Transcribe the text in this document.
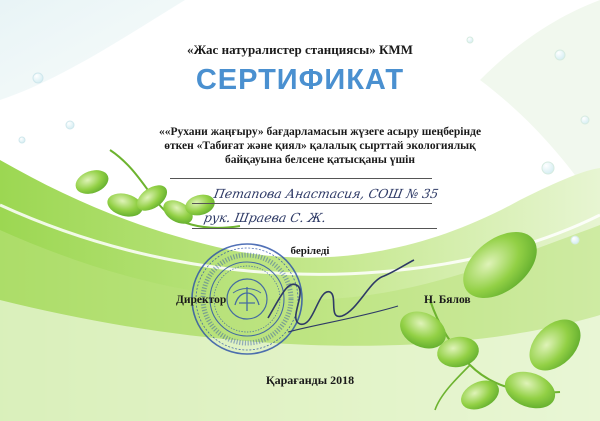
«Жас натуралистер станциясы» КММ
СЕРТИФИКАТ
««Рухани жаңғыру» бағдарламасын жүзеге асыру шеңберінде
өткен «Табиғат және қиял» қалалық сырттай экологиялық
байқауына белсене қатысқаны үшін
Петапова Анастасия, СОШ № 35
рук. Шраева С. Ж.
беріледі
Директор	Н. Бялов
Қарағанды 2018
